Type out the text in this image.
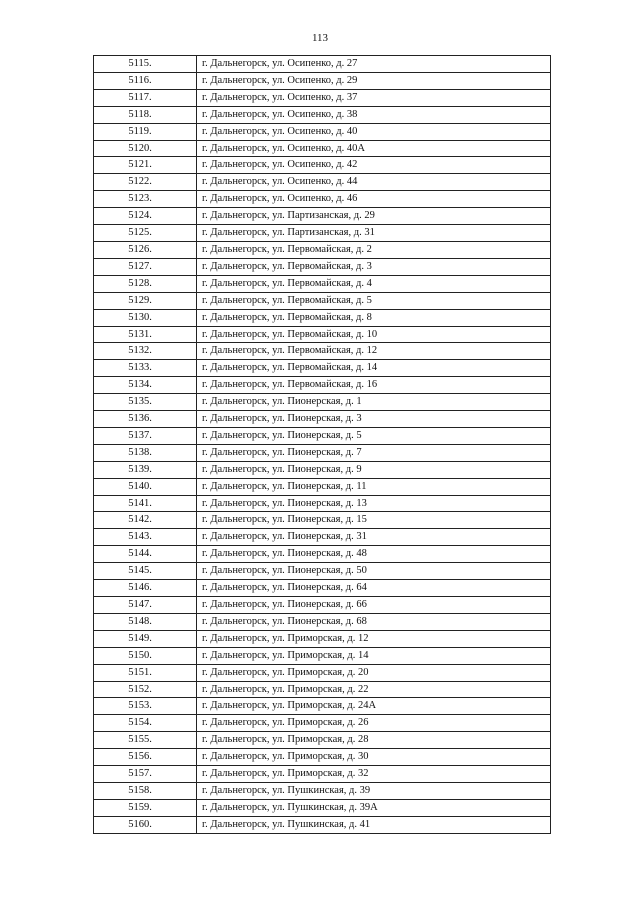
113
5115.	г. Дальнегорск, ул. Осипенко, д. 27
5116.	г. Дальнегорск, ул. Осипенко, д. 29
5117.	г. Дальнегорск, ул. Осипенко, д. 37
5118.	г. Дальнегорск, ул. Осипенко, д. 38
5119.	г. Дальнегорск, ул. Осипенко, д. 40
5120.	г. Дальнегорск, ул. Осипенко, д. 40А
5121.	г. Дальнегорск, ул. Осипенко, д. 42
5122.	г. Дальнегорск, ул. Осипенко, д. 44
5123.	г. Дальнегорск, ул. Осипенко, д. 46
5124.	г. Дальнегорск, ул. Партизанская, д. 29
5125.	г. Дальнегорск, ул. Партизанская, д. 31
5126.	г. Дальнегорск, ул. Первомайская, д. 2
5127.	г. Дальнегорск, ул. Первомайская, д. 3
5128.	г. Дальнегорск, ул. Первомайская, д. 4
5129.	г. Дальнегорск, ул. Первомайская, д. 5
5130.	г. Дальнегорск, ул. Первомайская, д. 8
5131.	г. Дальнегорск, ул. Первомайская, д. 10
5132.	г. Дальнегорск, ул. Первомайская, д. 12
5133.	г. Дальнегорск, ул. Первомайская, д. 14
5134.	г. Дальнегорск, ул. Первомайская, д. 16
5135.	г. Дальнегорск, ул. Пионерская, д. 1
5136.	г. Дальнегорск, ул. Пионерская, д. 3
5137.	г. Дальнегорск, ул. Пионерская, д. 5
5138.	г. Дальнегорск, ул. Пионерская, д. 7
5139.	г. Дальнегорск, ул. Пионерская, д. 9
5140.	г. Дальнегорск, ул. Пионерская, д. 11
5141.	г. Дальнегорск, ул. Пионерская, д. 13
5142.	г. Дальнегорск, ул. Пионерская, д. 15
5143.	г. Дальнегорск, ул. Пионерская, д. 31
5144.	г. Дальнегорск, ул. Пионерская, д. 48
5145.	г. Дальнегорск, ул. Пионерская, д. 50
5146.	г. Дальнегорск, ул. Пионерская, д. 64
5147.	г. Дальнегорск, ул. Пионерская, д. 66
5148.	г. Дальнегорск, ул. Пионерская, д. 68
5149.	г. Дальнегорск, ул. Приморская, д. 12
5150.	г. Дальнегорск, ул. Приморская, д. 14
5151.	г. Дальнегорск, ул. Приморская, д. 20
5152.	г. Дальнегорск, ул. Приморская, д. 22
5153.	г. Дальнегорск, ул. Приморская, д. 24А
5154.	г. Дальнегорск, ул. Приморская, д. 26
5155.	г. Дальнегорск, ул. Приморская, д. 28
5156.	г. Дальнегорск, ул. Приморская, д. 30
5157.	г. Дальнегорск, ул. Приморская, д. 32
5158.	г. Дальнегорск, ул. Пушкинская, д. 39
5159.	г. Дальнегорск, ул. Пушкинская, д. 39А
5160.	г. Дальнегорск, ул. Пушкинская, д. 41
